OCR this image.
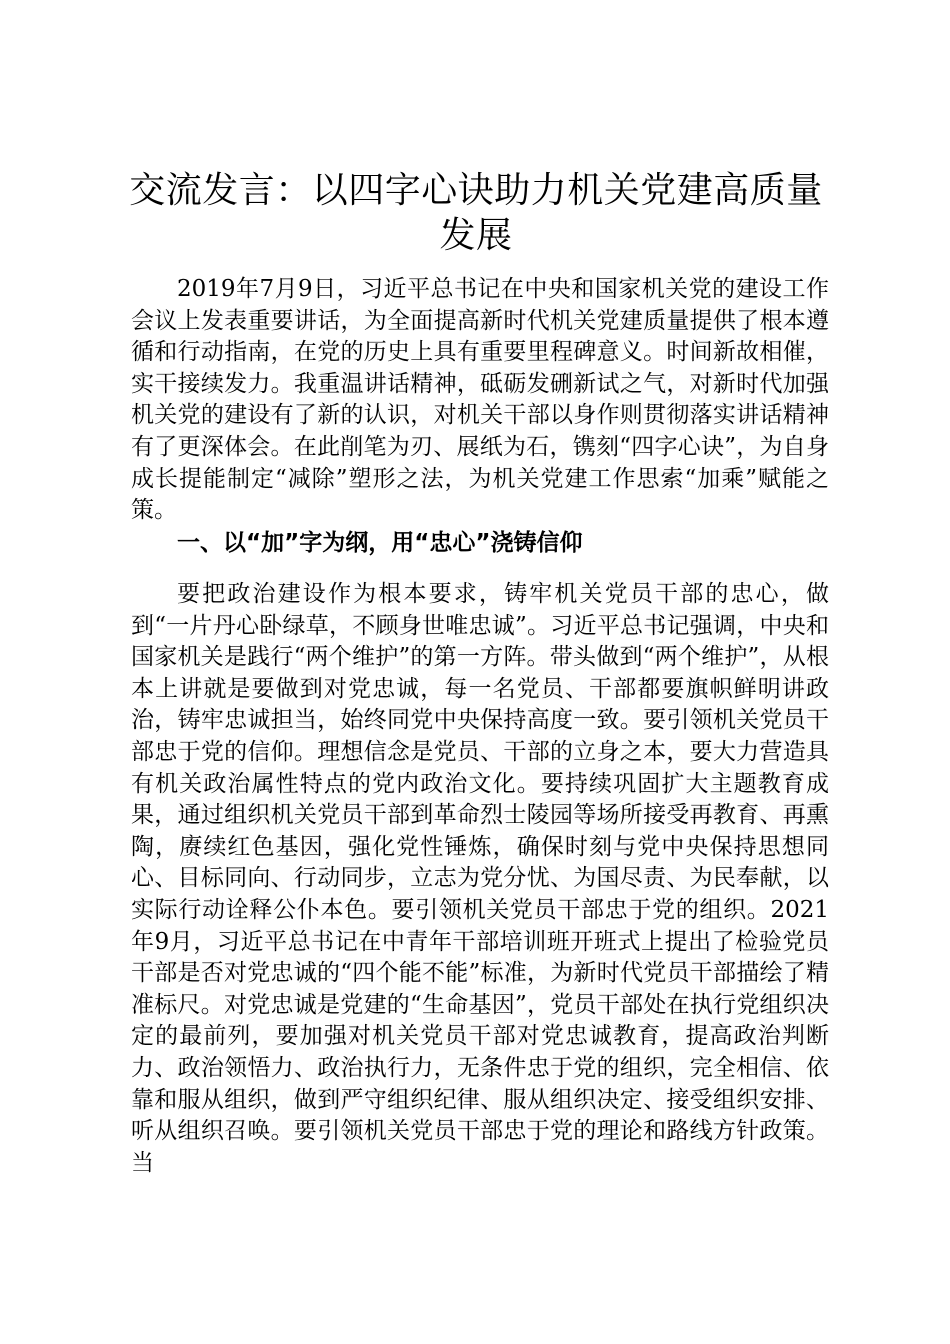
交流发言：以四字心诀助力机关党建高质量发展

2019年7月9日，习近平总书记在中央和国家机关党的建设工作会议上发表重要讲话，为全面提高新时代机关党建质量提供了根本遵循和行动指南，在党的历史上具有重要里程碑意义。时间新故相催，实干接续发力。我重温讲话精神，砥砺发硎新试之气，对新时代加强机关党的建设有了新的认识，对机关干部以身作则贯彻落实讲话精神有了更深体会。在此削笔为刃、展纸为石，镌刻“四字心诀”，为自身成长提能制定“减除”塑形之法，为机关党建工作思索“加乘”赋能之策。

一、以“加”字为纲，用“忠心”浇铸信仰

要把政治建设作为根本要求，铸牢机关党员干部的忠心，做到“一片丹心卧绿草，不顾身世唯忠诚”。习近平总书记强调，中央和国家机关是践行“两个维护”的第一方阵。带头做到“两个维护”，从根本上讲就是要做到对党忠诚，每一名党员、干部都要旗帜鲜明讲政治，铸牢忠诚担当，始终同党中央保持高度一致。要引领机关党员干部忠于党的信仰。理想信念是党员、干部的立身之本，要大力营造具有机关政治属性特点的党内政治文化。要持续巩固扩大主题教育成果，通过组织机关党员干部到革命烈士陵园等场所接受再教育、再熏陶，赓续红色基因，强化党性锤炼，确保时刻与党中央保持思想同心、目标同向、行动同步，立志为党分忧、为国尽责、为民奉献，以实际行动诠释公仆本色。要引领机关党员干部忠于党的组织。2021年9月，习近平总书记在中青年干部培训班开班式上提出了检验党员干部是否对党忠诚的“四个能不能”标准，为新时代党员干部描绘了精准标尺。对党忠诚是党建的“生命基因”，党员干部处在执行党组织决定的最前列，要加强对机关党员干部对党忠诚教育，提高政治判断力、政治领悟力、政治执行力，无条件忠于党的组织，完全相信、依靠和服从组织，做到严守组织纪律、服从组织决定、接受组织安排、听从组织召唤。要引领机关党员干部忠于党的理论和路线方针政策。当
